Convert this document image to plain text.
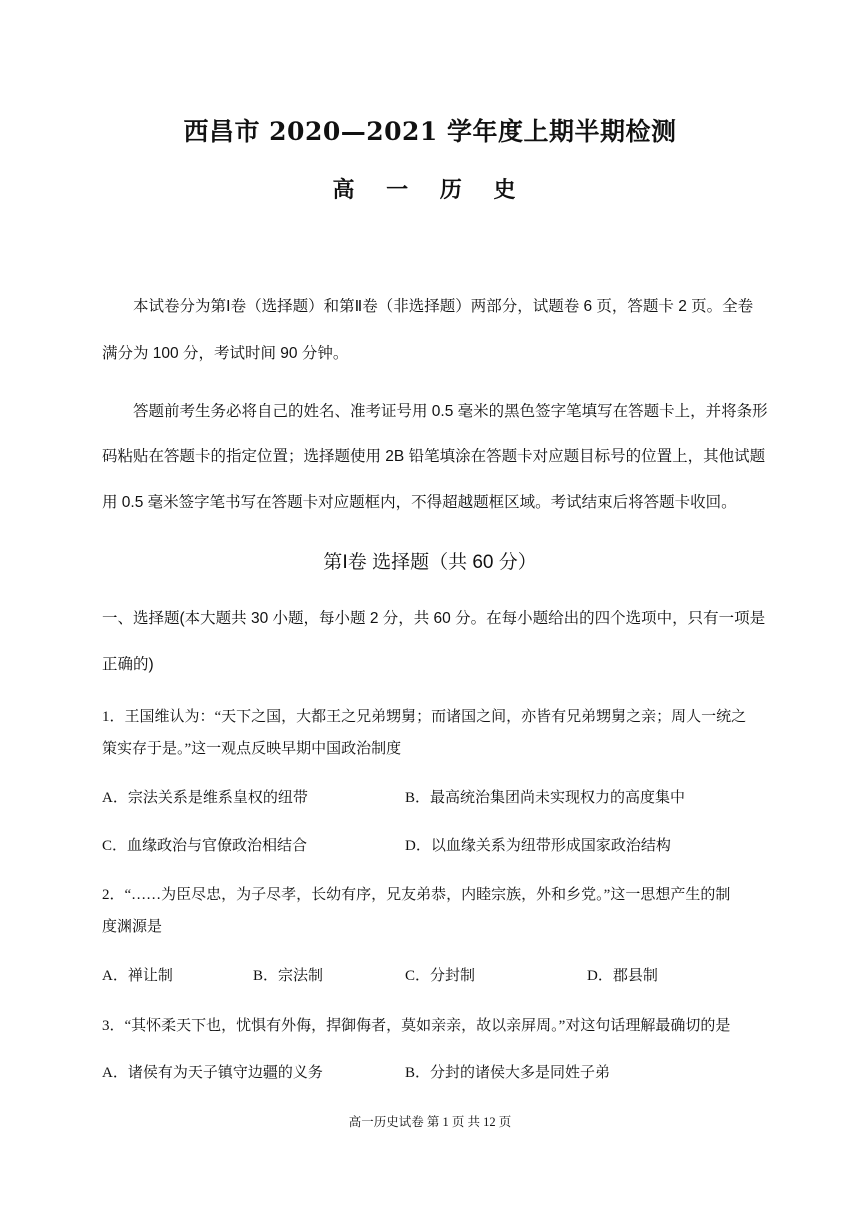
西昌市 2020—2021 学年度上期半期检测
高 一 历 史
本试卷分为第Ⅰ卷（选择题）和第Ⅱ卷（非选择题）两部分，试题卷 6 页，答题卡 2 页。全卷
满分为 100 分，考试时间 90 分钟。
答题前考生务必将自己的姓名、准考证号用 0.5 毫米的黑色签字笔填写在答题卡上，并将条形
码粘贴在答题卡的指定位置；选择题使用 2B 铅笔填涂在答题卡对应题目标号的位置上，其他试题
用 0.5 毫米签字笔书写在答题卡对应题框内，不得超越题框区域。考试结束后将答题卡收回。
第Ⅰ卷 选择题（共 60 分）
一、选择题(本大题共 30 小题，每小题 2 分，共 60 分。在每小题给出的四个选项中，只有一项是
正确的)
1．王国维认为：“天下之国，大都王之兄弟甥舅；而诸国之间，亦皆有兄弟甥舅之亲；周人一统之
策实存于是。”这一观点反映早期中国政治制度
A．宗法关系是维系皇权的纽带	B．最高统治集团尚未实现权力的高度集中
C．血缘政治与官僚政治相结合	D．以血缘关系为纽带形成国家政治结构
2．“……为臣尽忠，为子尽孝，长幼有序，兄友弟恭，内睦宗族，外和乡党。”这一思想产生的制
度渊源是
A．禅让制	B．宗法制	C．分封制	D．郡县制
3．“其怀柔天下也，忧惧有外侮，捍御侮者，莫如亲亲，故以亲屏周。”对这句话理解最确切的是
A．诸侯有为天子镇守边疆的义务	B．分封的诸侯大多是同姓子弟
高一历史试卷 第 1 页 共 12 页
